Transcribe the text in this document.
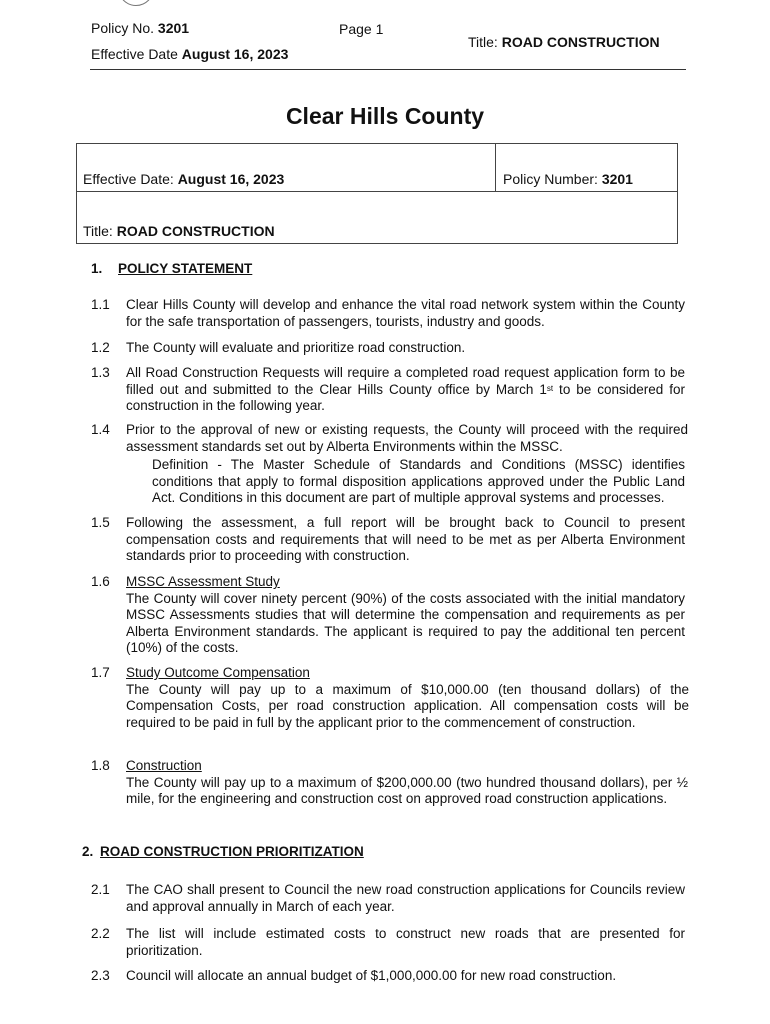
Policy No. 3201	Page 1
Title: ROAD CONSTRUCTION
Effective Date August 16, 2023
Clear Hills County
Effective Date: August 16, 2023	Policy Number: 3201
Title: ROAD CONSTRUCTION
1. POLICY STATEMENT
1.1 Clear Hills County will develop and enhance the vital road network system within the County for the safe transportation of passengers, tourists, industry and goods.
1.2 The County will evaluate and prioritize road construction.
1.3 All Road Construction Requests will require a completed road request application form to be filled out and submitted to the Clear Hills County office by March 1st to be considered for construction in the following year.
1.4 Prior to the approval of new or existing requests, the County will proceed with the required assessment standards set out by Alberta Environments within the MSSC.
Definition - The Master Schedule of Standards and Conditions (MSSC) identifies conditions that apply to formal disposition applications approved under the Public Land Act. Conditions in this document are part of multiple approval systems and processes.
1.5 Following the assessment, a full report will be brought back to Council to present compensation costs and requirements that will need to be met as per Alberta Environment standards prior to proceeding with construction.
1.6 MSSC Assessment Study
The County will cover ninety percent (90%) of the costs associated with the initial mandatory MSSC Assessments studies that will determine the compensation and requirements as per Alberta Environment standards. The applicant is required to pay the additional ten percent (10%) of the costs.
1.7 Study Outcome Compensation
The County will pay up to a maximum of $10,000.00 (ten thousand dollars) of the Compensation Costs, per road construction application. All compensation costs will be required to be paid in full by the applicant prior to the commencement of construction.
1.8 Construction
The County will pay up to a maximum of $200,000.00 (two hundred thousand dollars), per ½ mile, for the engineering and construction cost on approved road construction applications.
2. ROAD CONSTRUCTION PRIORITIZATION
2.1 The CAO shall present to Council the new road construction applications for Councils review and approval annually in March of each year.
2.2 The list will include estimated costs to construct new roads that are presented for prioritization.
2.3 Council will allocate an annual budget of $1,000,000.00 for new road construction.
